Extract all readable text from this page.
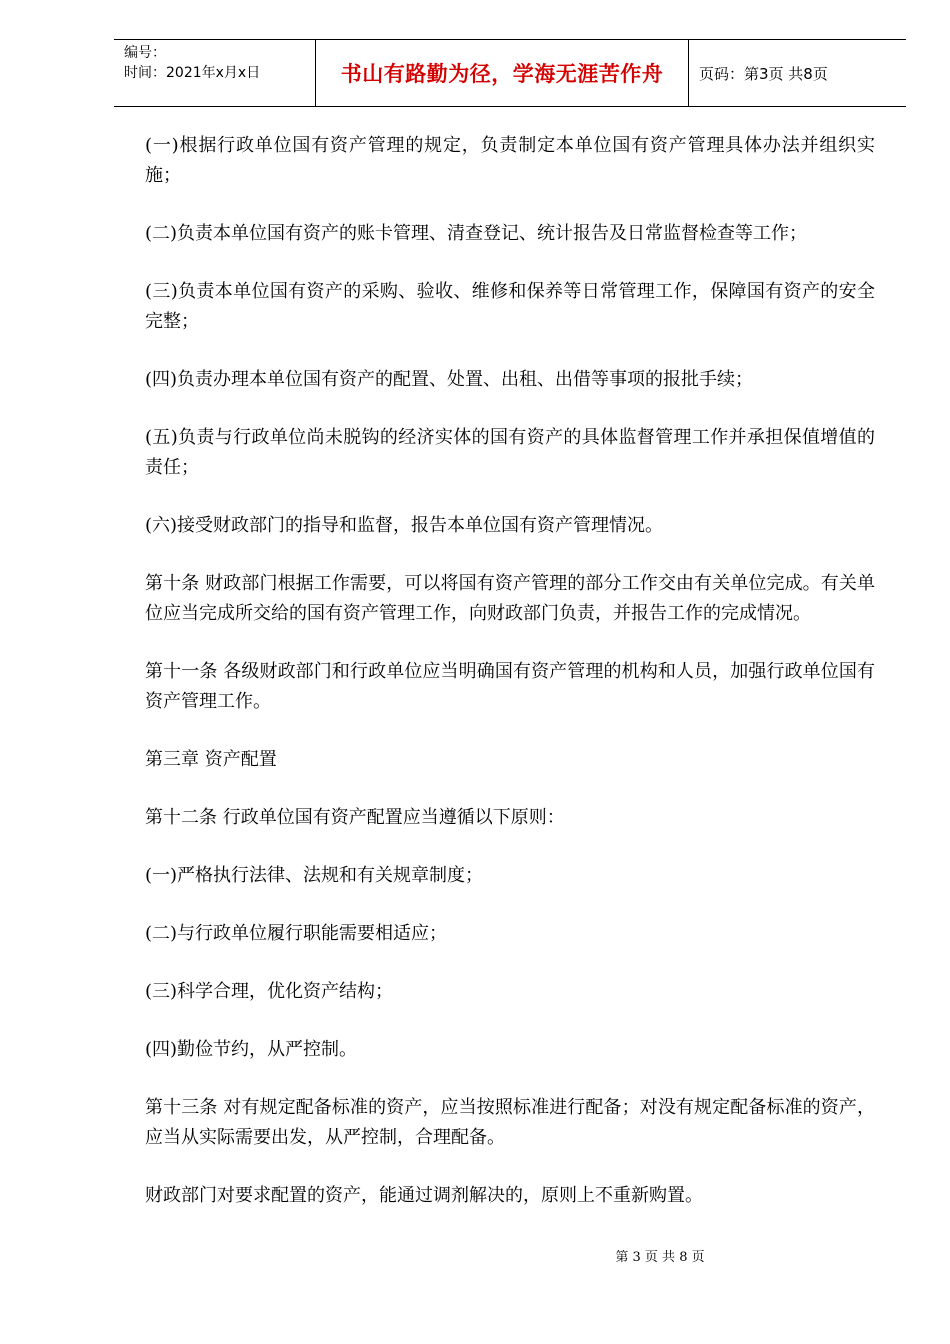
编号：
时间：2021年x月x日	书山有路勤为径，学海无涯苦作舟	页码：第3页 共8页

(一)根据行政单位国有资产管理的规定，负责制定本单位国有资产管理具体办法并组织实施；

(二)负责本单位国有资产的账卡管理、清查登记、统计报告及日常监督检查等工作；

(三)负责本单位国有资产的采购、验收、维修和保养等日常管理工作，保障国有资产的安全完整；

(四)负责办理本单位国有资产的配置、处置、出租、出借等事项的报批手续；

(五)负责与行政单位尚未脱钩的经济实体的国有资产的具体监督管理工作并承担保值增值的责任；

(六)接受财政部门的指导和监督，报告本单位国有资产管理情况。

第十条 财政部门根据工作需要，可以将国有资产管理的部分工作交由有关单位完成。有关单位应当完成所交给的国有资产管理工作，向财政部门负责，并报告工作的完成情况。

第十一条 各级财政部门和行政单位应当明确国有资产管理的机构和人员，加强行政单位国有资产管理工作。

第三章 资产配置

第十二条 行政单位国有资产配置应当遵循以下原则：

(一)严格执行法律、法规和有关规章制度；

(二)与行政单位履行职能需要相适应；

(三)科学合理，优化资产结构；

(四)勤俭节约，从严控制。

第十三条 对有规定配备标准的资产，应当按照标准进行配备；对没有规定配备标准的资产，应当从实际需要出发，从严控制，合理配备。

财政部门对要求配置的资产，能通过调剂解决的，原则上不重新购置。

第 3 页 共 8 页
